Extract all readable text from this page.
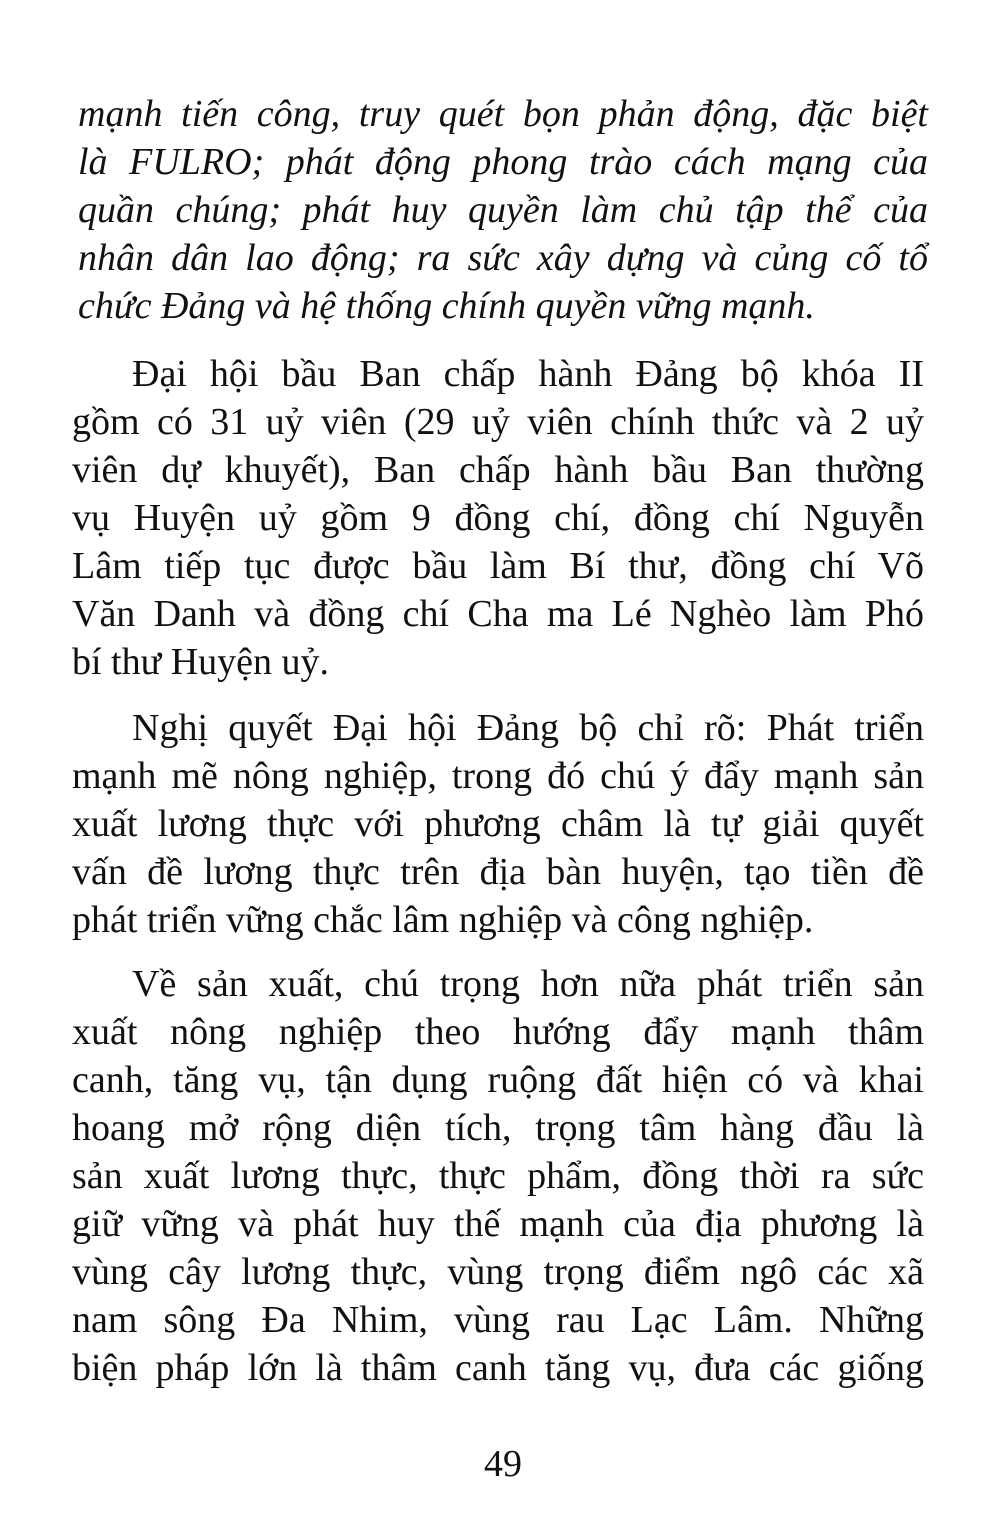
mạnh tiến công, truy quét bọn phản động, đặc biệt
là FULRO; phát động phong trào cách mạng của
quần chúng; phát huy quyền làm chủ tập thể của
nhân dân lao động; ra sức xây dựng và củng cố tổ
chức Đảng và hệ thống chính quyền vững mạnh.
Đại hội bầu Ban chấp hành Đảng bộ khóa II
gồm có 31 uỷ viên (29 uỷ viên chính thức và 2 uỷ
viên dự khuyết), Ban chấp hành bầu Ban thường
vụ Huyện uỷ gồm 9 đồng chí, đồng chí Nguyễn
Lâm tiếp tục được bầu làm Bí thư, đồng chí Võ
Văn Danh và đồng chí Cha ma Lé Nghèo làm Phó
bí thư Huyện uỷ.
Nghị quyết Đại hội Đảng bộ chỉ rõ: Phát triển
mạnh mẽ nông nghiệp, trong đó chú ý đẩy mạnh sản
xuất lương thực với phương châm là tự giải quyết
vấn đề lương thực trên địa bàn huyện, tạo tiền đề
phát triển vững chắc lâm nghiệp và công nghiệp.
Về sản xuất, chú trọng hơn nữa phát triển sản
xuất nông nghiệp theo hướng đẩy mạnh thâm
canh, tăng vụ, tận dụng ruộng đất hiện có và khai
hoang mở rộng diện tích, trọng tâm hàng đầu là
sản xuất lương thực, thực phẩm, đồng thời ra sức
giữ vững và phát huy thế mạnh của địa phương là
vùng cây lương thực, vùng trọng điểm ngô các xã
nam sông Đa Nhim, vùng rau Lạc Lâm. Những
biện pháp lớn là thâm canh tăng vụ, đưa các giống
49
